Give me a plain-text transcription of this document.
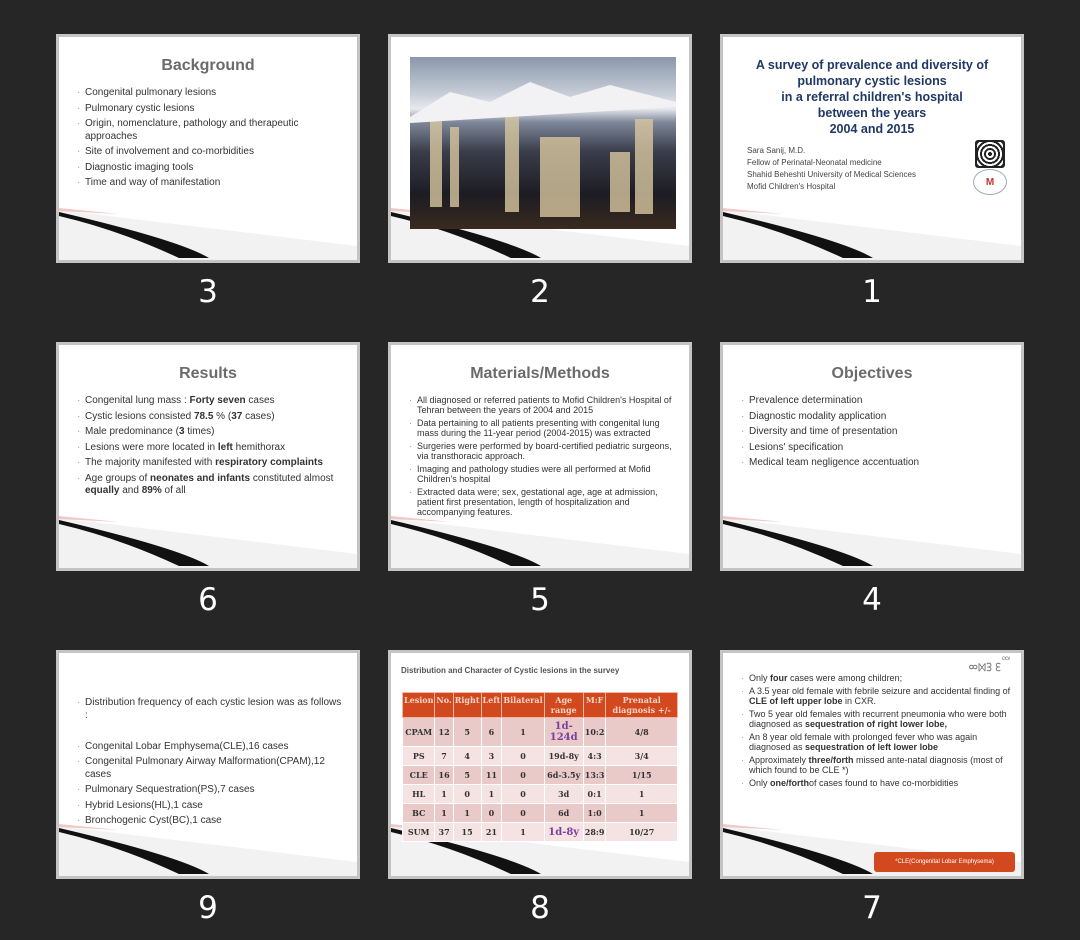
Background
· Congenital pulmonary lesions
· Pulmonary cystic lesions
· Origin, nomenclature, pathology and therapeutic approaches
· Site of involvement and co-morbidities
· Diagnostic imaging tools
· Time and way of manifestation
3	2
A survey of prevalence and diversity of
pulmonary cystic lesions
in a referral children's hospital
between the years
2004 and 2015
Sara Sanij, M.D.
Fellow of Perinatal-Neonatal medicine
Shahid Beheshti University of Medical Sciences
Mofid Children's Hospital	M
1
Results
· Congenital lung mass : Forty seven cases
· Cystic lesions consisted 78.5 % (37 cases)
· Male predominance (3 times)
· Lesions were more located in left hemithorax
· The majority manifested with respiratory complaints
· Age groups of neonates and infants constituted almost equally and 89% of all
6
Materials/Methods
· All diagnosed or referred patients to Mofid Children's Hospital of Tehran between the years of 2004 and 2015
· Data pertaining to all patients presenting with congenital lung mass during the 11-year period (2004-2015) was extracted
· Surgeries were performed by board-certified pediatric surgeons, via transthoracic approach.
· Imaging and pathology studies were all performed at Mofid Children's hospital
· Extracted data were; sex, gestational age, age at admission, patient first presentation, length of hospitalization and accompanying features.
5
Objectives
· Prevalence determination
· Diagnostic modality application
· Diversity and time of presentation
· Lesions' specification
· Medical team negligence accentuation
4
· Distribution frequency of each cystic lesion was as follows :
· Congenital Lobar Emphysema(CLE),16 cases
· Congenital Pulmonary Airway Malformation(CPAM),12 cases
· Pulmonary Sequestration(PS),7 cases
· Hybrid Lesions(HL),1 case
· Bronchogenic Cyst(BC),1 case
9
Distribution and Character of Cystic lesions in the survey
Lesion	No.	Right	Left	Bilateral	Age range	M:F	Prenatal diagnosis +/-
CPAM	12	5	6	1	1d-124d	10:2	4/8
PS	7	4	3	0	19d-8y	4:3	3/4
CLE	16	5	11	0	6d-3.5y	13:3	1/15
HL	1	0	1	0	3d	0:1	1
BC	1	1	0	0	6d	1:0	1
SUM	37	15	21	1	1d-8y	28:9	10/27
8
· Only four cases were among children;
· A 3.5 year old female with febrile seizure and accidental finding of CLE of left upper lobe in CXR.
· Two 5 year old females with recurrent pneumonia who were both diagnosed as sequestration of right lower lobe,
· An 8 year old female with prolonged fever who was again diagnosed as sequestration of left lower lobe
· Approximately three/forth missed ante-natal diagnosis (most of which found to be CLE *)
· Only one/forthof cases found to have co-morbidities
ᢁᢂᢃ ᢄᢅ
*CLE(Congenital Lobar Emphysema)
7
